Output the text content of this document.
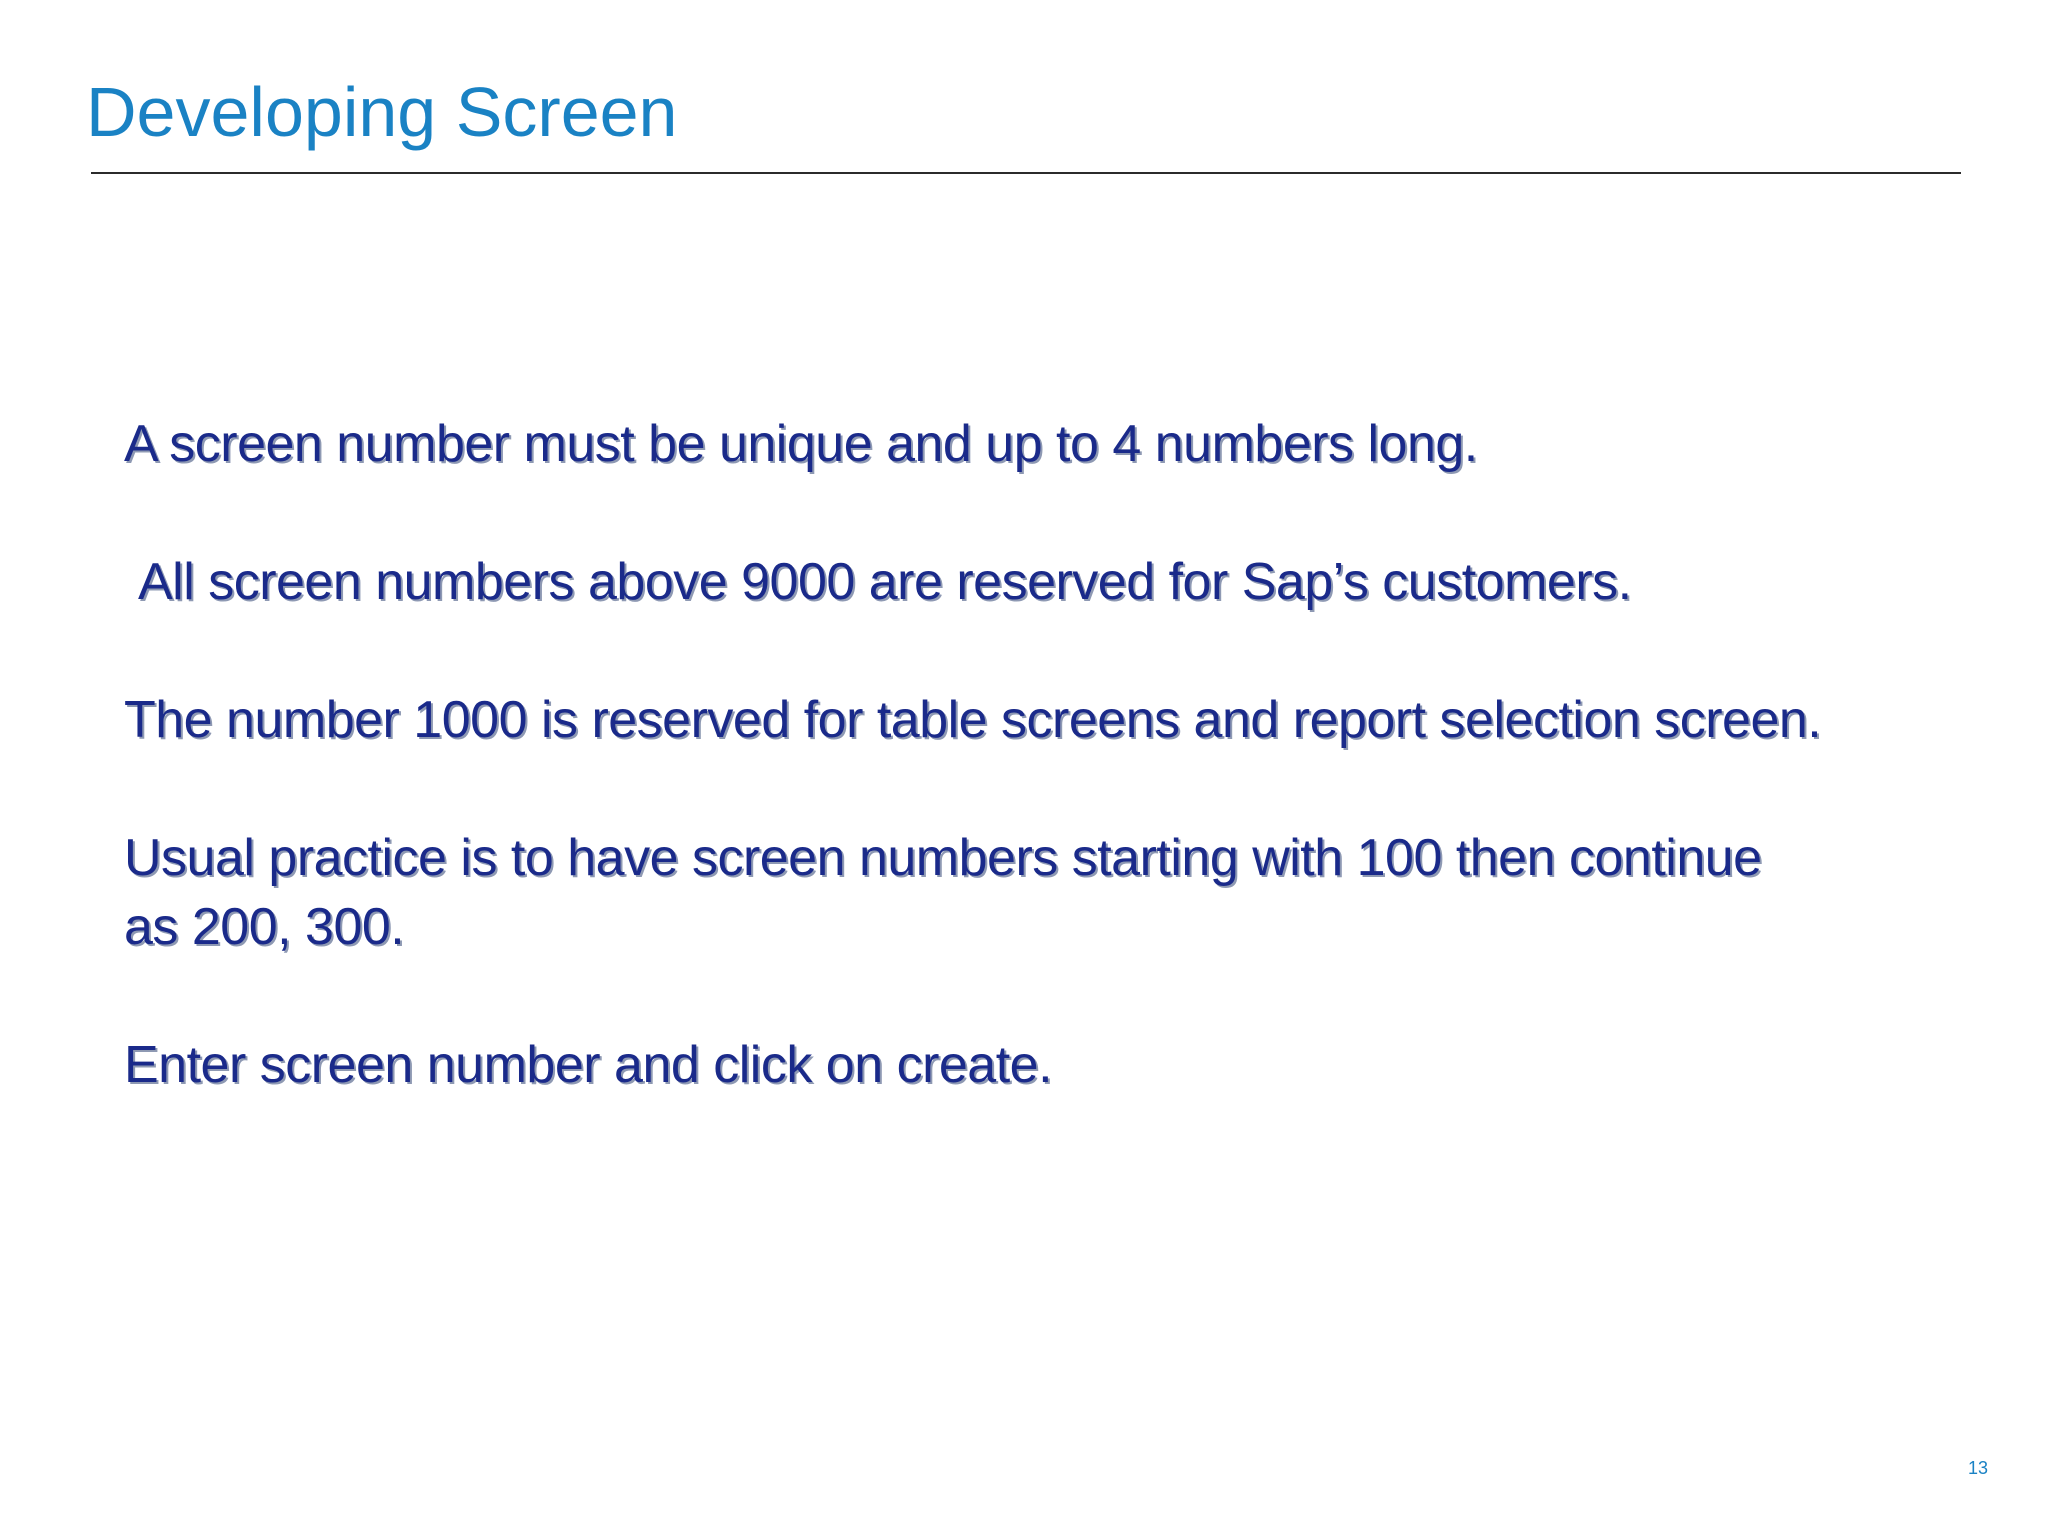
Developing Screen

A screen number must be unique and up to 4 numbers long.

All screen numbers above 9000 are reserved for Sap’s customers.

The number 1000 is reserved for table screens and report selection screen.

Usual practice is to have screen numbers starting with 100 then continue as 200, 300.

Enter screen number and click on create.

13
